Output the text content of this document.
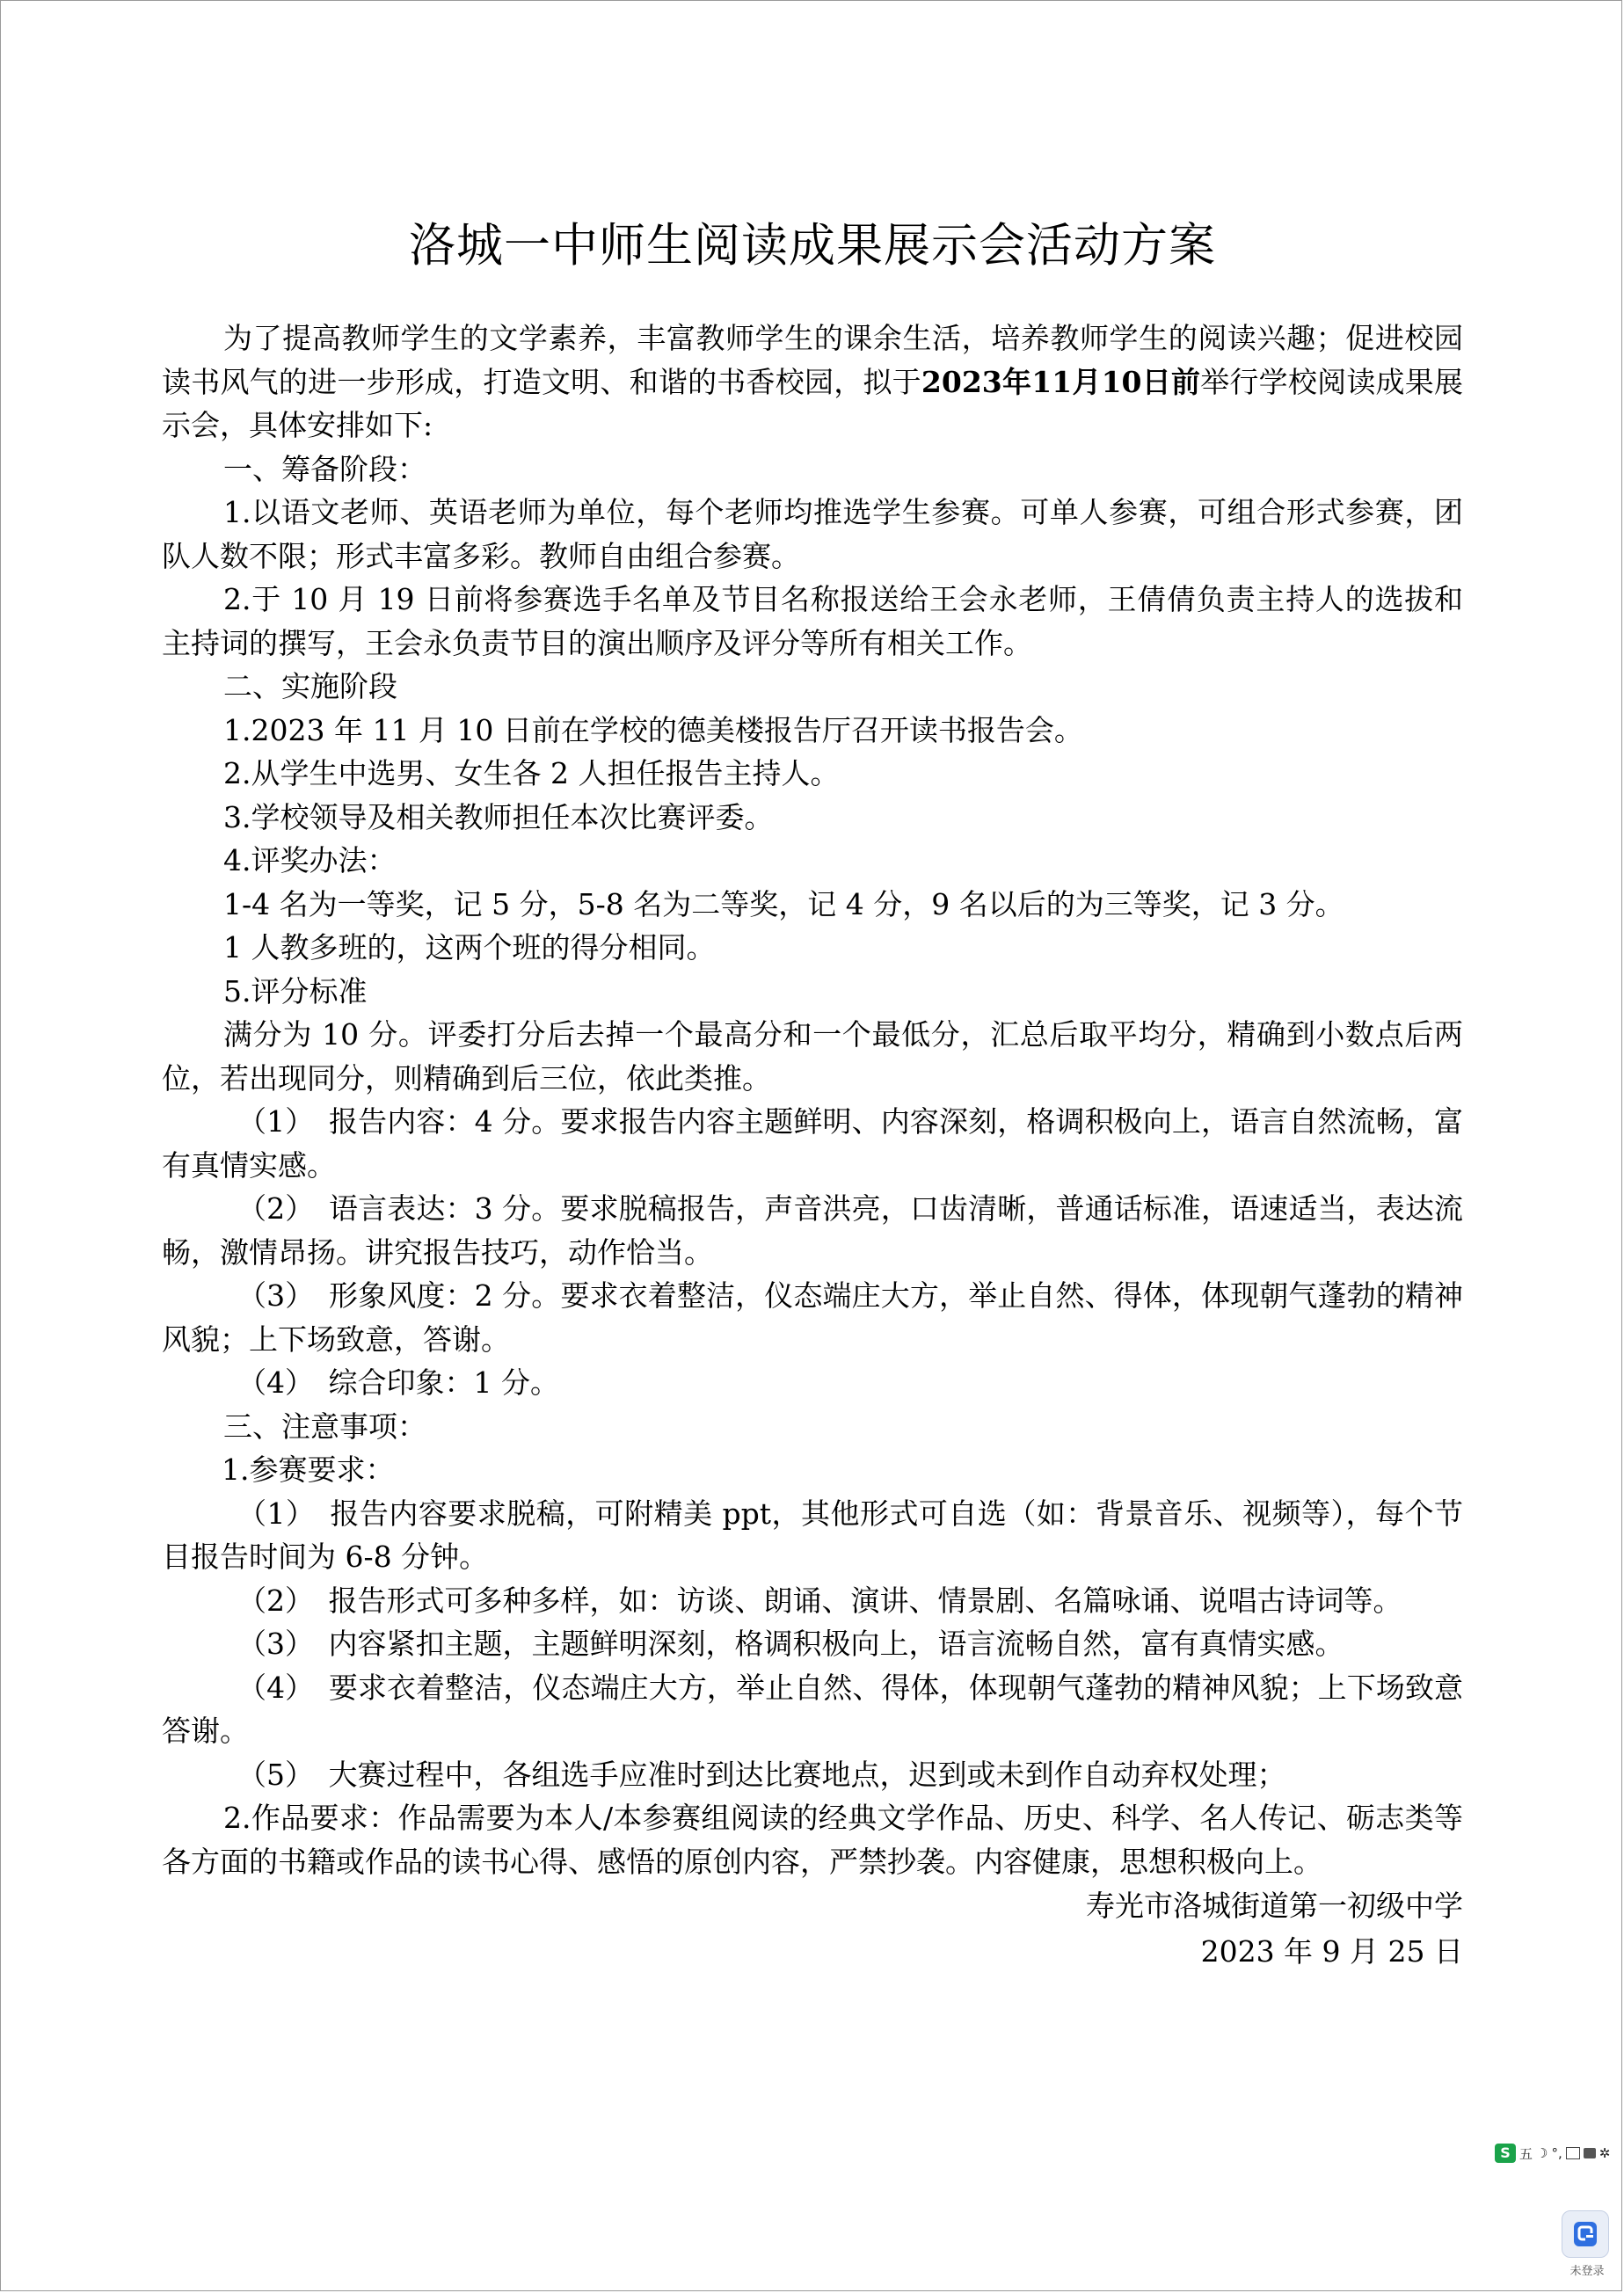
洛城一中师生阅读成果展示会活动方案

为了提高教师学生的文学素养，丰富教师学生的课余生活，培养教师学生的阅读兴趣；促进校园读书风气的进一步形成，打造文明、和谐的书香校园，拟于2023年11月10日前举行学校阅读成果展示会，具体安排如下:

一、筹备阶段：

1.以语文老师、英语老师为单位，每个老师均推选学生参赛。可单人参赛，可组合形式参赛，团队人数不限；形式丰富多彩。教师自由组合参赛。

2.于 10 月 19 日前将参赛选手名单及节目名称报送给王会永老师，王倩倩负责主持人的选拔和主持词的撰写，王会永负责节目的演出顺序及评分等所有相关工作。

二、实施阶段

1.2023 年 11 月 10 日前在学校的德美楼报告厅召开读书报告会。

2.从学生中选男、女生各 2 人担任报告主持人。

3.学校领导及相关教师担任本次比赛评委。

4.评奖办法：

1-4 名为一等奖，记 5 分，5-8 名为二等奖，记 4 分，9 名以后的为三等奖，记 3 分。

1 人教多班的，这两个班的得分相同。

5.评分标准

满分为 10 分。评委打分后去掉一个最高分和一个最低分，汇总后取平均分，精确到小数点后两位，若出现同分，则精确到后三位，依此类推。

（1）　报告内容：4 分。要求报告内容主题鲜明、内容深刻，格调积极向上，语言自然流畅，富有真情实感。

（2）　语言表达：3 分。要求脱稿报告，声音洪亮，口齿清晰，普通话标准，语速适当，表达流畅，激情昂扬。讲究报告技巧，动作恰当。

（3）　形象风度：2 分。要求衣着整洁，仪态端庄大方，举止自然、得体，体现朝气蓬勃的精神风貌；上下场致意，答谢。

（4）　综合印象：1 分。

三、注意事项：

1.参赛要求：

（1）　报告内容要求脱稿，可附精美 ppt，其他形式可自选（如：背景音乐、视频等），每个节目报告时间为 6-8 分钟。

（2）　报告形式可多种多样，如：访谈、朗诵、演讲、情景剧、名篇咏诵、说唱古诗词等。

（3）　内容紧扣主题，主题鲜明深刻，格调积极向上，语言流畅自然，富有真情实感。

（4）　要求衣着整洁，仪态端庄大方，举止自然、得体，体现朝气蓬勃的精神风貌；上下场致意答谢。

（5）　大赛过程中，各组选手应准时到达比赛地点，迟到或未到作自动弃权处理；

2.作品要求：作品需要为本人/本参赛组阅读的经典文学作品、历史、科学、名人传记、砺志类等各方面的书籍或作品的读书心得、感悟的原创内容，严禁抄袭。内容健康，思想积极向上。

寿光市洛城街道第一初级中学

2023 年 9 月 25 日

S 五 ☽ °,	✲
未登录
